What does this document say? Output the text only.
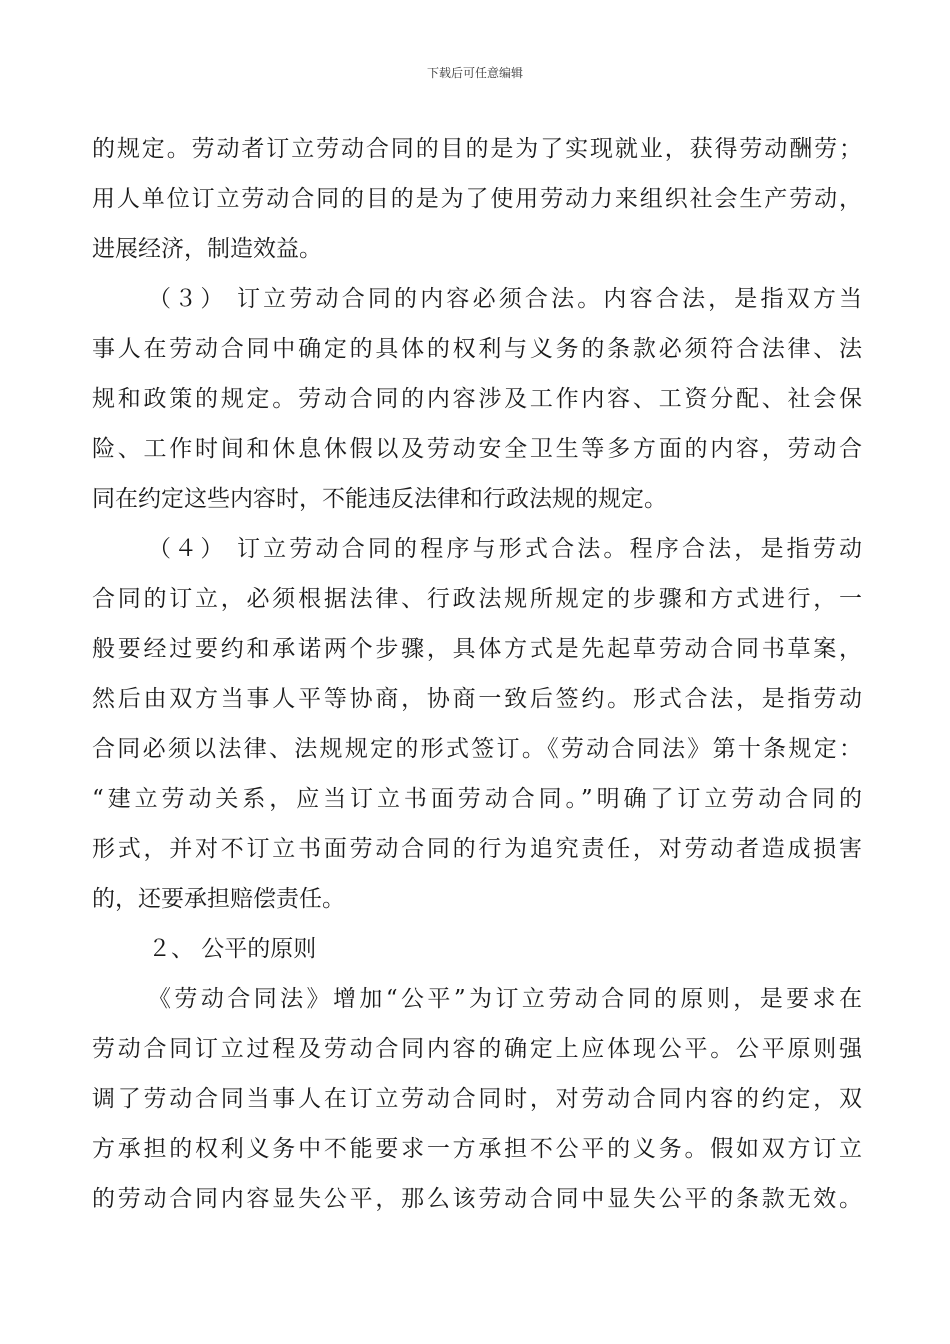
下载后可任意编辑
的规定。劳动者订立劳动合同的目的是为了实现就业，获得劳动酬劳；
用人单位订立劳动合同的目的是为了使用劳动力来组织社会生产劳动，
进展经济，制造效益。
（３） 订立劳动合同的内容必须合法。内容合法，是指双方当
事人在劳动合同中确定的具体的权利与义务的条款必须符合法律、法
规和政策的规定。劳动合同的内容涉及工作内容、工资分配、社会保
险、工作时间和休息休假以及劳动安全卫生等多方面的内容，劳动合
同在约定这些内容时，不能违反法律和行政法规的规定。
（４） 订立劳动合同的程序与形式合法。程序合法，是指劳动
合同的订立，必须根据法律、行政法规所规定的步骤和方式进行，一
般要经过要约和承诺两个步骤，具体方式是先起草劳动合同书草案，
然后由双方当事人平等协商，协商一致后签约。形式合法，是指劳动
合同必须以法律、法规规定的形式签订。《劳动合同法》第十条规定：
“建立劳动关系，应当订立书面劳动合同。”明确了订立劳动合同的
形式，并对不订立书面劳动合同的行为追究责任，对劳动者造成损害
的，还要承担赔偿责任。
２、 公平的原则
《劳动合同法》增加“公平”为订立劳动合同的原则，是要求在
劳动合同订立过程及劳动合同内容的确定上应体现公平。公平原则强
调了劳动合同当事人在订立劳动合同时，对劳动合同内容的约定，双
方承担的权利义务中不能要求一方承担不公平的义务。假如双方订立
的劳动合同内容显失公平，那么该劳动合同中显失公平的条款无效。
